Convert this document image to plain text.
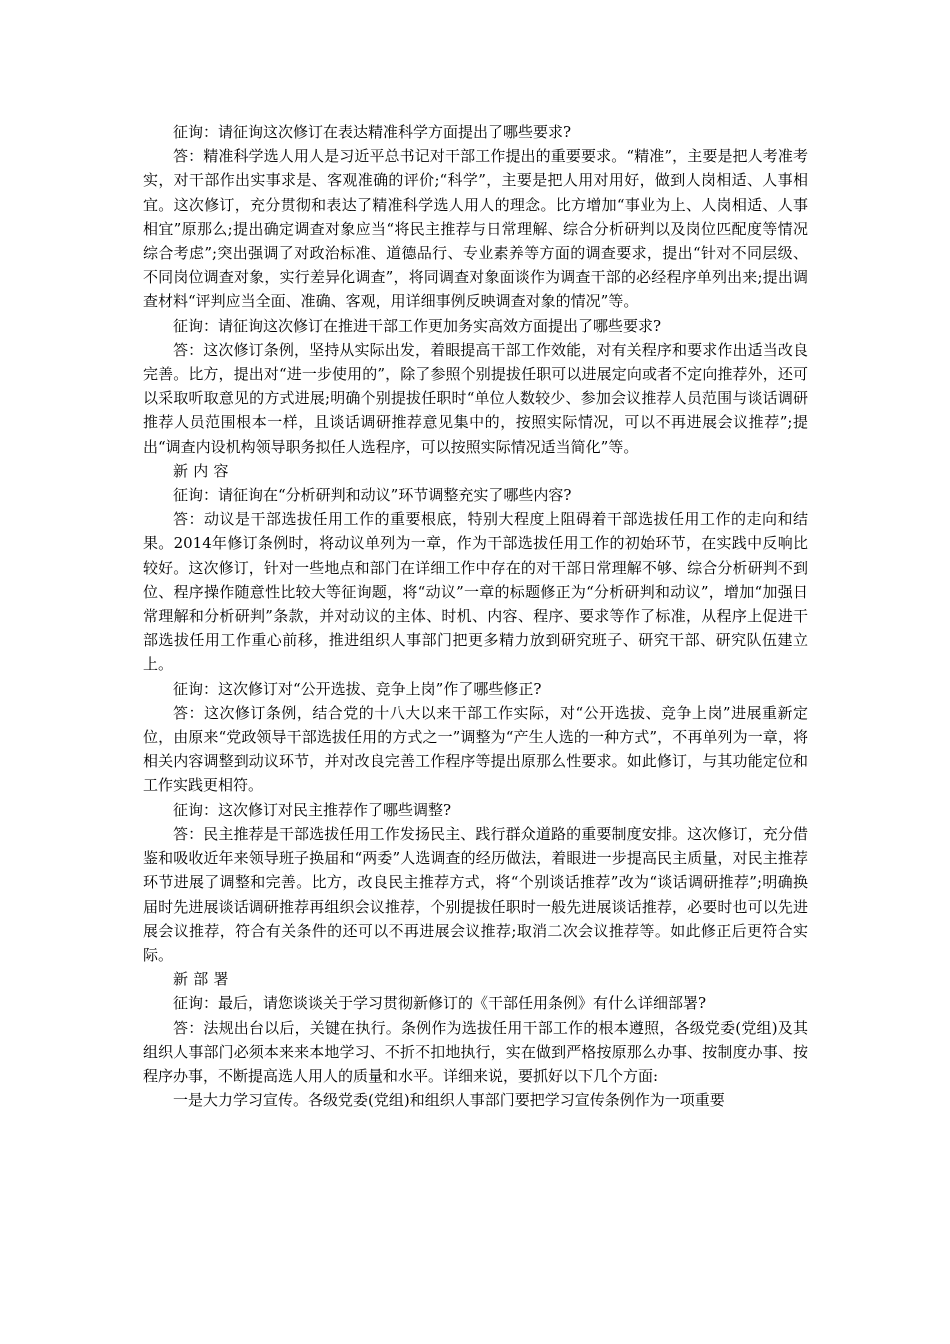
征询：请征询这次修订在表达精准科学方面提出了哪些要求?

答：精准科学选人用人是习近平总书记对干部工作提出的重要要求。“精准”，主要是把人考准考实，对干部作出实事求是、客观准确的评价;“科学”，主要是把人用对用好，做到人岗相适、人事相宜。这次修订，充分贯彻和表达了精准科学选人用人的理念。比方增加“事业为上、人岗相适、人事相宜”原那么;提出确定调查对象应当“将民主推荐与日常理解、综合分析研判以及岗位匹配度等情况综合考虑”;突出强调了对政治标准、道德品行、专业素养等方面的调查要求，提出“针对不同层级、不同岗位调查对象，实行差异化调查”，将同调查对象面谈作为调查干部的必经程序单列出来;提出调查材料“评判应当全面、准确、客观，用详细事例反映调查对象的情况”等。

征询：请征询这次修订在推进干部工作更加务实高效方面提出了哪些要求?

答：这次修订条例，坚持从实际出发，着眼提高干部工作效能，对有关程序和要求作出适当改良完善。比方，提出对“进一步使用的”，除了参照个别提拔任职可以进展定向或者不定向推荐外，还可以采取听取意见的方式进展;明确个别提拔任职时“单位人数较少、参加会议推荐人员范围与谈话调研推荐人员范围根本一样，且谈话调研推荐意见集中的，按照实际情况，可以不再进展会议推荐”;提出“调查内设机构领导职务拟任人选程序，可以按照实际情况适当简化”等。

新内容

征询：请征询在“分析研判和动议”环节调整充实了哪些内容?

答：动议是干部选拔任用工作的重要根底，特别大程度上阻碍着干部选拔任用工作的走向和结果。2014年修订条例时，将动议单列为一章，作为干部选拔任用工作的初始环节，在实践中反响比较好。这次修订，针对一些地点和部门在详细工作中存在的对干部日常理解不够、综合分析研判不到位、程序操作随意性比较大等征询题，将“动议”一章的标题修正为“分析研判和动议”，增加“加强日常理解和分析研判”条款，并对动议的主体、时机、内容、程序、要求等作了标准，从程序上促进干部选拔任用工作重心前移，推进组织人事部门把更多精力放到研究班子、研究干部、研究队伍建立上。

征询：这次修订对“公开选拔、竞争上岗”作了哪些修正?

答：这次修订条例，结合党的十八大以来干部工作实际，对“公开选拔、竞争上岗”进展重新定位，由原来“党政领导干部选拔任用的方式之一”调整为“产生人选的一种方式”，不再单列为一章，将相关内容调整到动议环节，并对改良完善工作程序等提出原那么性要求。如此修订，与其功能定位和工作实践更相符。

征询：这次修订对民主推荐作了哪些调整?

答：民主推荐是干部选拔任用工作发扬民主、践行群众道路的重要制度安排。这次修订，充分借鉴和吸收近年来领导班子换届和“两委”人选调查的经历做法，着眼进一步提高民主质量，对民主推荐环节进展了调整和完善。比方，改良民主推荐方式，将“个别谈话推荐”改为“谈话调研推荐”;明确换届时先进展谈话调研推荐再组织会议推荐，个别提拔任职时一般先进展谈话推荐，必要时也可以先进展会议推荐，符合有关条件的还可以不再进展会议推荐;取消二次会议推荐等。如此修正后更符合实际。

新部署

征询：最后，请您谈谈关于学习贯彻新修订的《干部任用条例》有什么详细部署?

答：法规出台以后，关键在执行。条例作为选拔任用干部工作的根本遵照，各级党委(党组)及其组织人事部门必须本来来本地学习、不折不扣地执行，实在做到严格按原那么办事、按制度办事、按程序办事，不断提高选人用人的质量和水平。详细来说，要抓好以下几个方面:

一是大力学习宣传。各级党委(党组)和组织人事部门要把学习宣传条例作为一项重要
